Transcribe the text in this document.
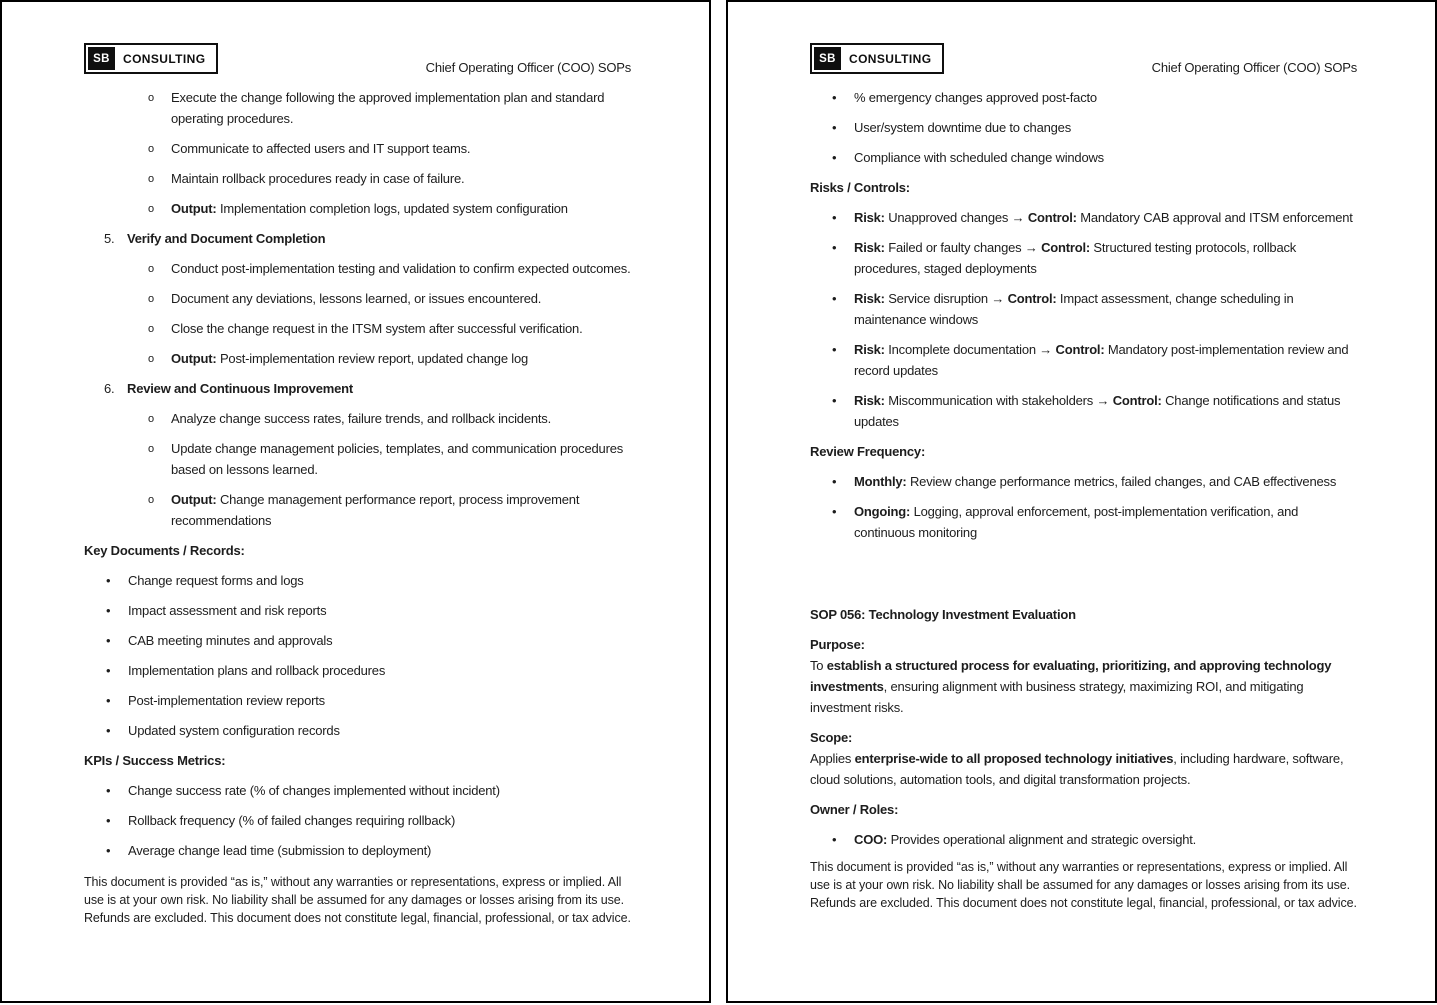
SB	CONSULTING
Chief Operating Officer (COO) SOPs
o Execute the change following the approved implementation plan and standard operating procedures.
o Communicate to affected users and IT support teams.
o Maintain rollback procedures ready in case of failure.
o Output: Implementation completion logs, updated system configuration
5. Verify and Document Completion
o Conduct post-implementation testing and validation to confirm expected outcomes.
o Document any deviations, lessons learned, or issues encountered.
o Close the change request in the ITSM system after successful verification.
o Output: Post-implementation review report, updated change log
6. Review and Continuous Improvement
o Analyze change success rates, failure trends, and rollback incidents.
o Update change management policies, templates, and communication procedures based on lessons learned.
o Output: Change management performance report, process improvement recommendations
Key Documents / Records:
• Change request forms and logs
• Impact assessment and risk reports
• CAB meeting minutes and approvals
• Implementation plans and rollback procedures
• Post-implementation review reports
• Updated system configuration records
KPIs / Success Metrics:
• Change success rate (% of changes implemented without incident)
• Rollback frequency (% of failed changes requiring rollback)
• Average change lead time (submission to deployment)
This document is provided “as is,” without any warranties or representations, express or implied. All use is at your own risk. No liability shall be assumed for any damages or losses arising from its use. Refunds are excluded. This document does not constitute legal, financial, professional, or tax advice.
SB	CONSULTING
Chief Operating Officer (COO) SOPs
• % emergency changes approved post-facto
• User/system downtime due to changes
• Compliance with scheduled change windows
Risks / Controls:
• Risk: Unapproved changes → Control: Mandatory CAB approval and ITSM enforcement
• Risk: Failed or faulty changes → Control: Structured testing protocols, rollback procedures, staged deployments
• Risk: Service disruption → Control: Impact assessment, change scheduling in maintenance windows
• Risk: Incomplete documentation → Control: Mandatory post-implementation review and record updates
• Risk: Miscommunication with stakeholders → Control: Change notifications and status updates
Review Frequency:
• Monthly: Review change performance metrics, failed changes, and CAB effectiveness
• Ongoing: Logging, approval enforcement, post-implementation verification, and continuous monitoring
SOP 056: Technology Investment Evaluation
Purpose:
To establish a structured process for evaluating, prioritizing, and approving technology investments, ensuring alignment with business strategy, maximizing ROI, and mitigating investment risks.
Scope:
Applies enterprise-wide to all proposed technology initiatives, including hardware, software, cloud solutions, automation tools, and digital transformation projects.
Owner / Roles:
• COO: Provides operational alignment and strategic oversight.
This document is provided “as is,” without any warranties or representations, express or implied. All use is at your own risk. No liability shall be assumed for any damages or losses arising from its use. Refunds are excluded. This document does not constitute legal, financial, professional, or tax advice.
